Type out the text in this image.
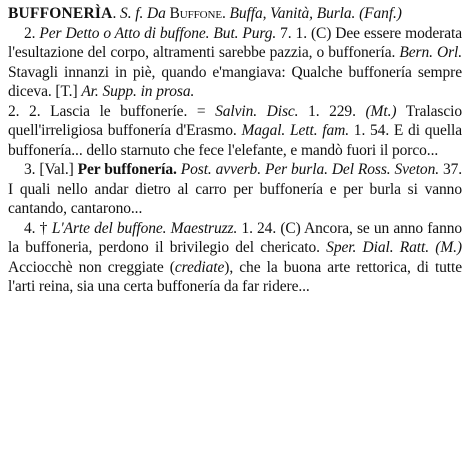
BUFFONERÌA. S. f. Da Buffone. Buffa, Vanità, Burla. (Fanf.)

2. Per Detto o Atto di buffone. But. Purg. 7. 1. (C) Dee essere moderata l'esultazione del corpo, altramenti sarebbe pazzia, o buffonería. Bern. Orl. Stavagli innanzi in piè, quando e'mangiava: Qualche buffonería sempre diceva. [T.] Ar. Supp. in prosa.

2. 2. Lascia le buffoneríe. = Salvin. Disc. 1. 229. (Mt.) Tralascio quell'irreligiosa buffonería d'Erasmo. Magal. Lett. fam. 1. 54. E di quella buffonería... dello starnuto che fece l'elefante, e mandò fuori il porco...

3. [Val.] Per buffonería. Post. avverb. Per burla. Del Ross. Sveton. 37. I quali nello andar dietro al carro per buffonería e per burla si vanno cantando, cantarono...

4. † L'Arte del buffone. Maestruzz. 1. 24. (C) Ancora, se un anno fanno la buffoneria, perdono il brivilegio del chericato. Sper. Dial. Ratt. (M.) Acciocchè non creggiate (crediate), che la buona arte rettorica, di tutte l'arti reina, sia una certa buffonería da far ridere...
